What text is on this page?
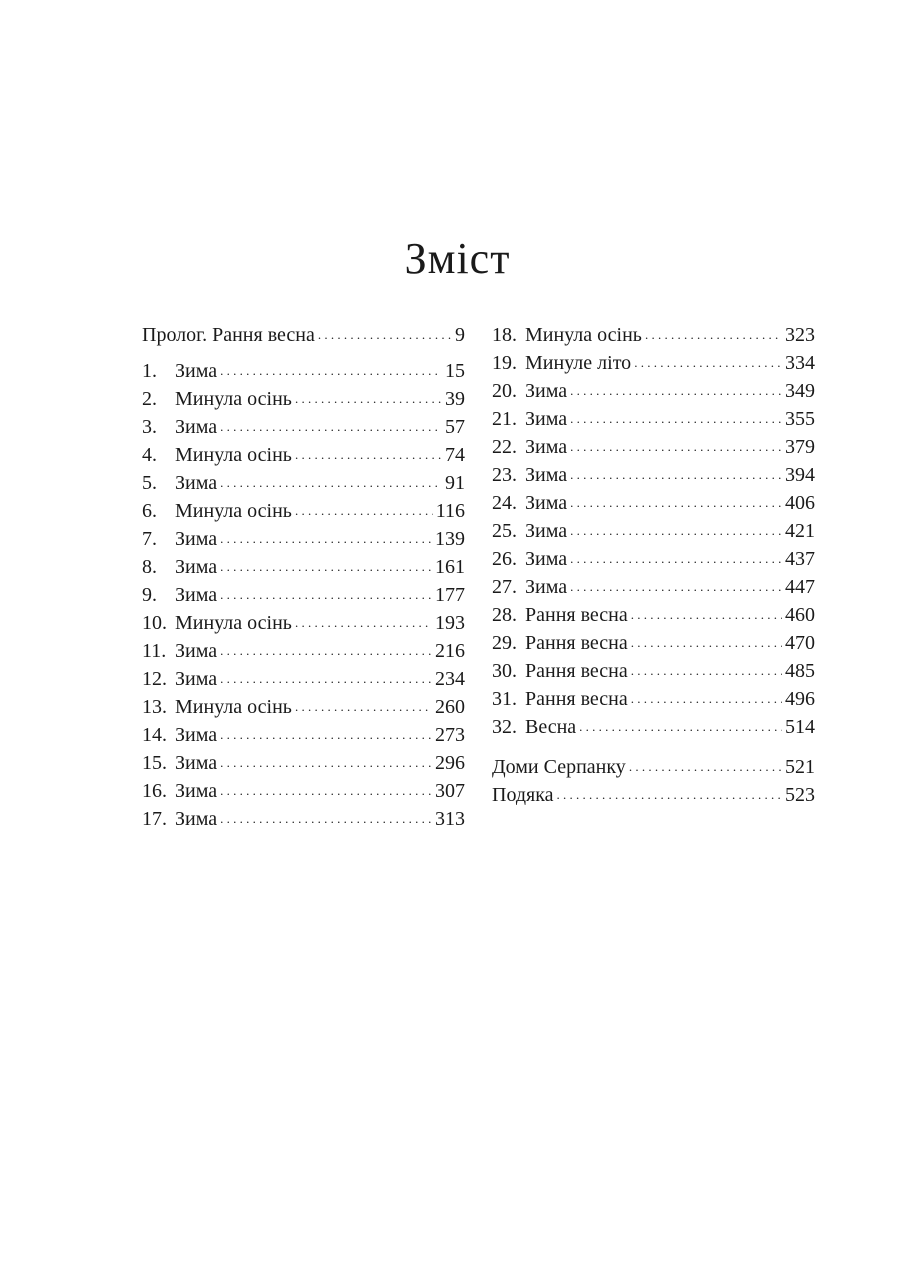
Зміст
Пролог. Рання весна . . .	9
1. Зима . . .	15
2. Минула осінь . . .	39
3. Зима . . .	57
4. Минула осінь . . .	74
5. Зима . . .	91
6. Минула осінь . . .	116
7. Зима . . .	139
8. Зима . . .	161
9. Зима . . .	177
10. Минула осінь . . .	193
11. Зима . . .	216
12. Зима . . .	234
13. Минула осінь . . .	260
14. Зима . . .	273
15. Зима . . .	296
16. Зима . . .	307
17. Зима . . .	313
18. Минула осінь . . .	323
19. Минуле літо . . .	334
20. Зима . . .	349
21. Зима . . .	355
22. Зима . . .	379
23. Зима . . .	394
24. Зима . . .	406
25. Зима . . .	421
26. Зима . . .	437
27. Зима . . .	447
28. Рання весна . . .	460
29. Рання весна . . .	470
30. Рання весна . . .	485
31. Рання весна . . .	496
32. Весна . . .	514
Доми Серпанку . . .	521
Подяка . . .	523
